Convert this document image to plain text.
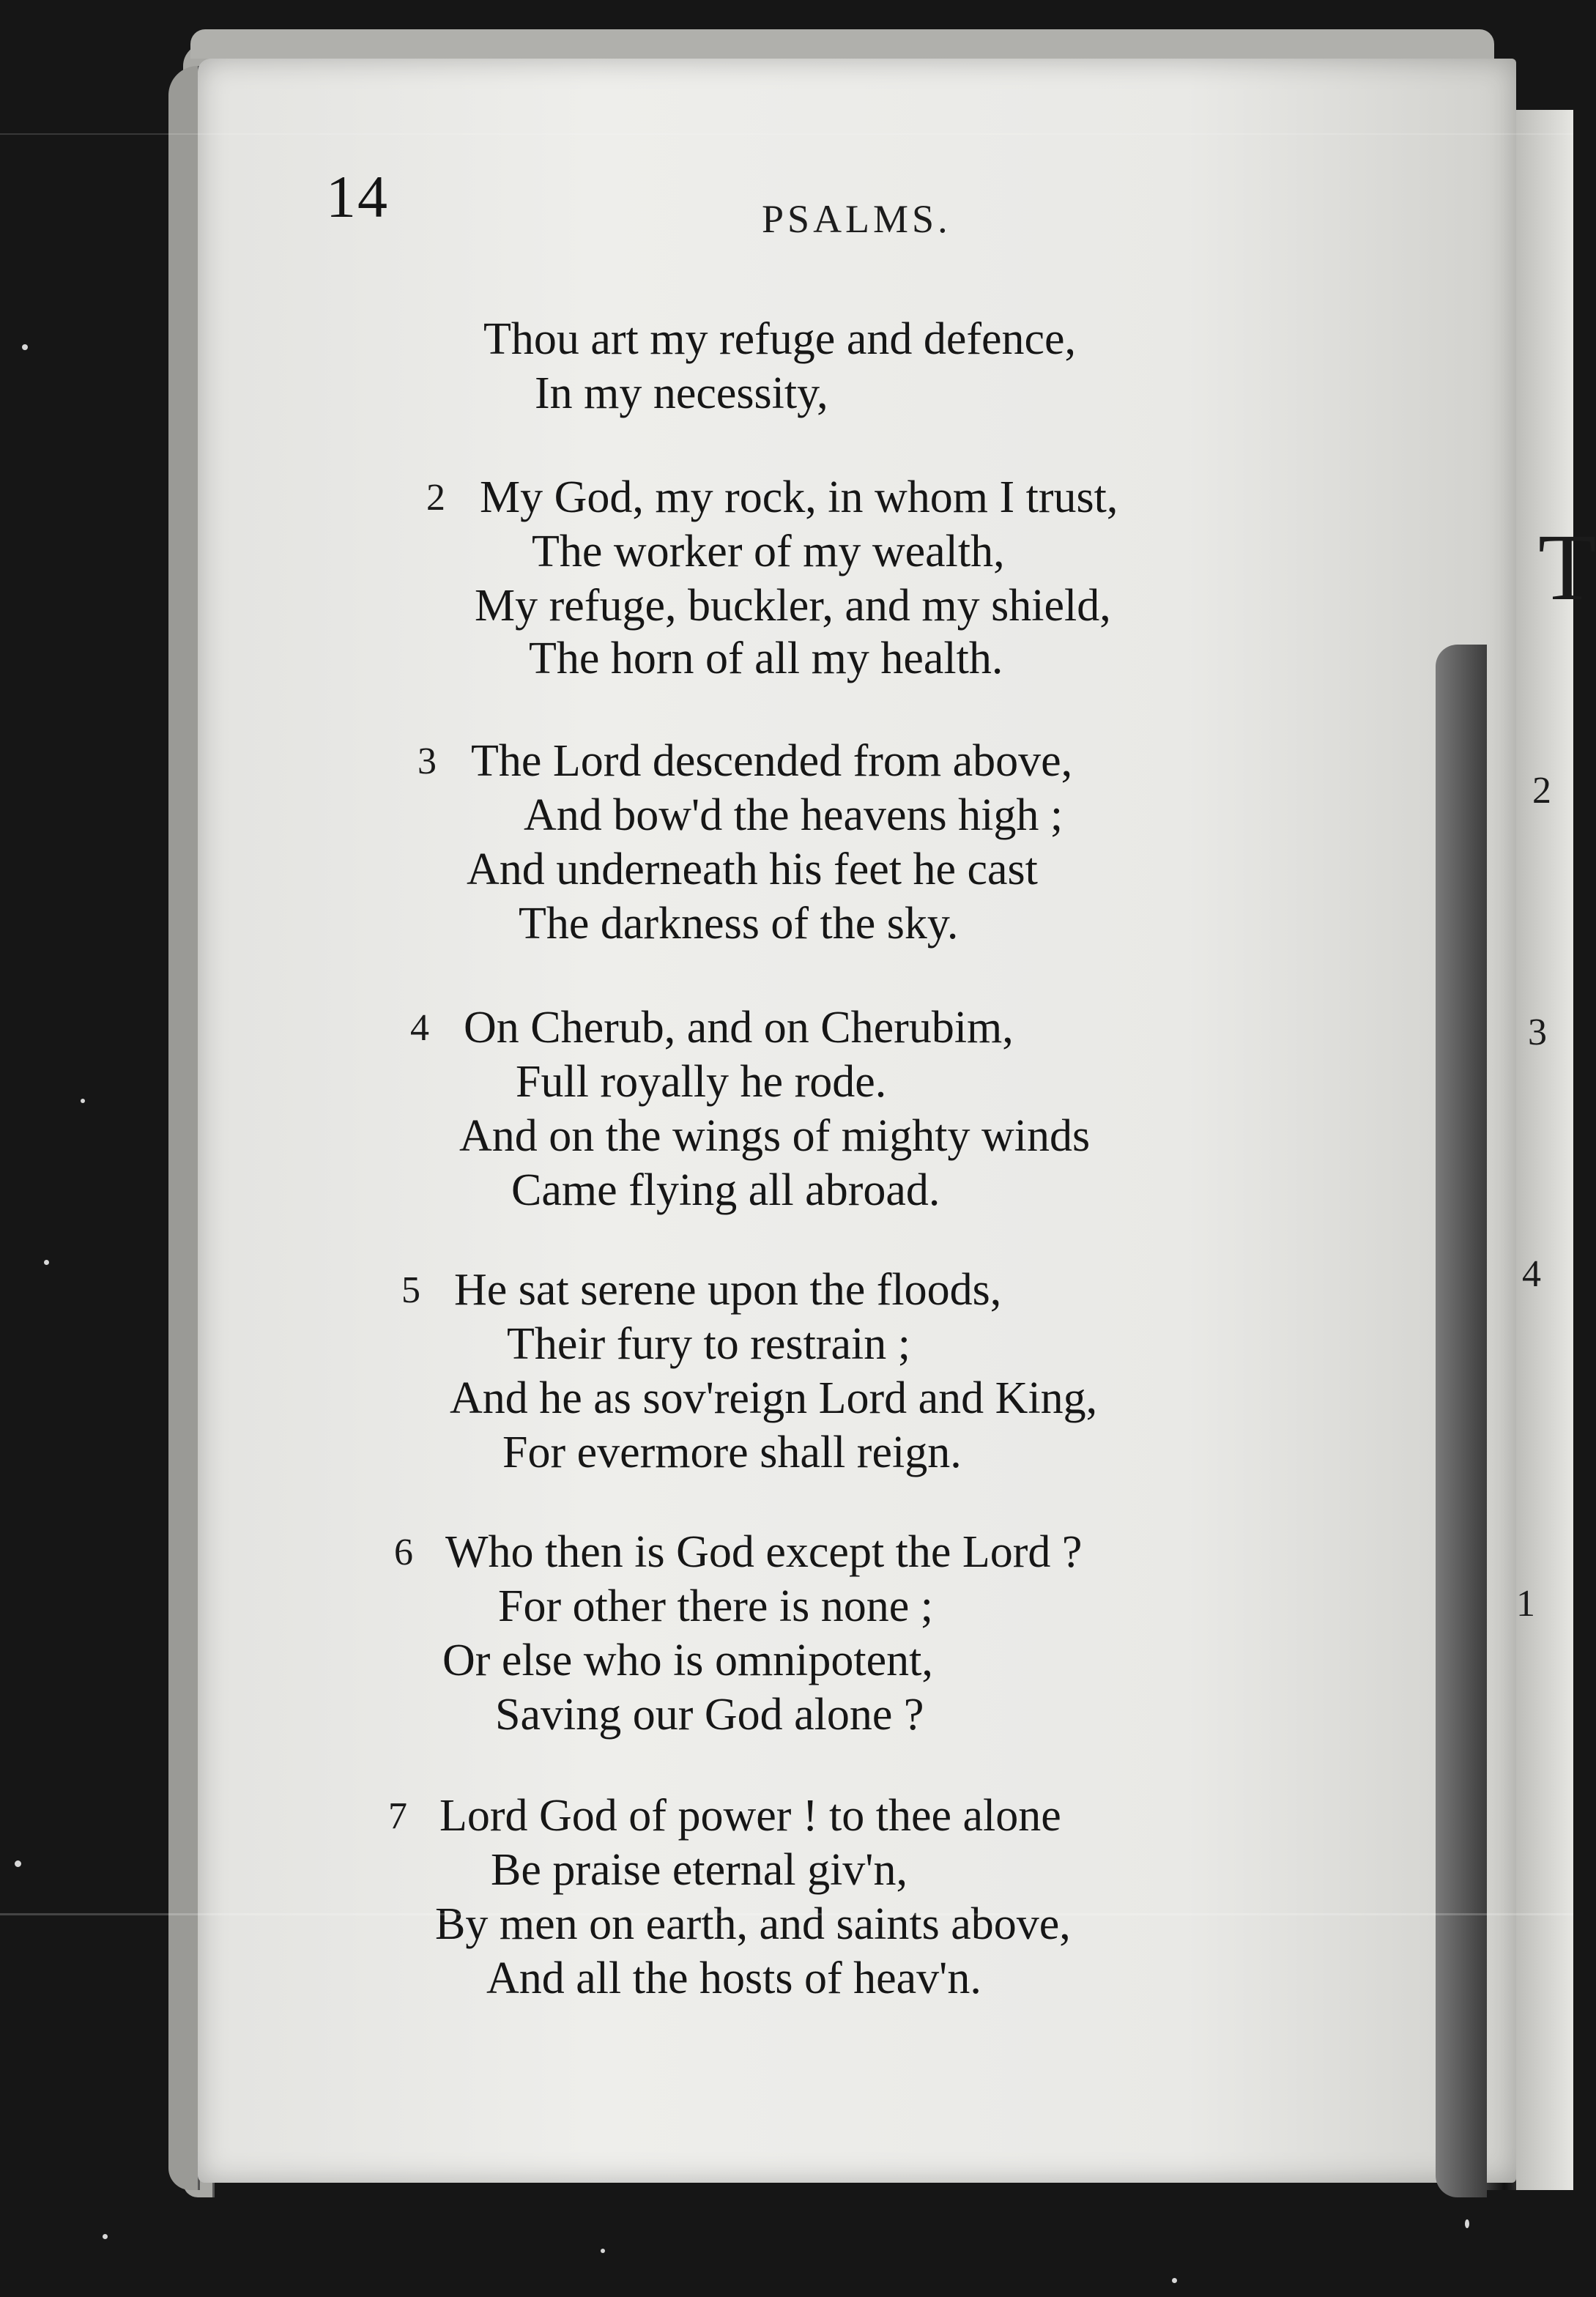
T
2
3
4
1
14	PSALMS.
Thou art my refuge and defence,
In my necessity,
2 My God, my rock, in whom I trust,
The worker of my wealth,
My refuge, buckler, and my shield,
The horn of all my health.
3 The Lord descended from above,
And bow'd the heavens high ;
And underneath his feet he cast
The darkness of the sky.
4 On Cherub, and on Cherubim,
Full royally he rode.
And on the wings of mighty winds
Came flying all abroad.
5 He sat serene upon the floods,
Their fury to restrain ;
And he as sov'reign Lord and King,
For evermore shall reign.
6 Who then is God except the Lord ?
For other there is none ;
Or else who is omnipotent,
Saving our God alone ?
7 Lord God of power ! to thee alone
Be praise eternal giv'n,
By men on earth, and saints above,
And all the hosts of heav'n.
